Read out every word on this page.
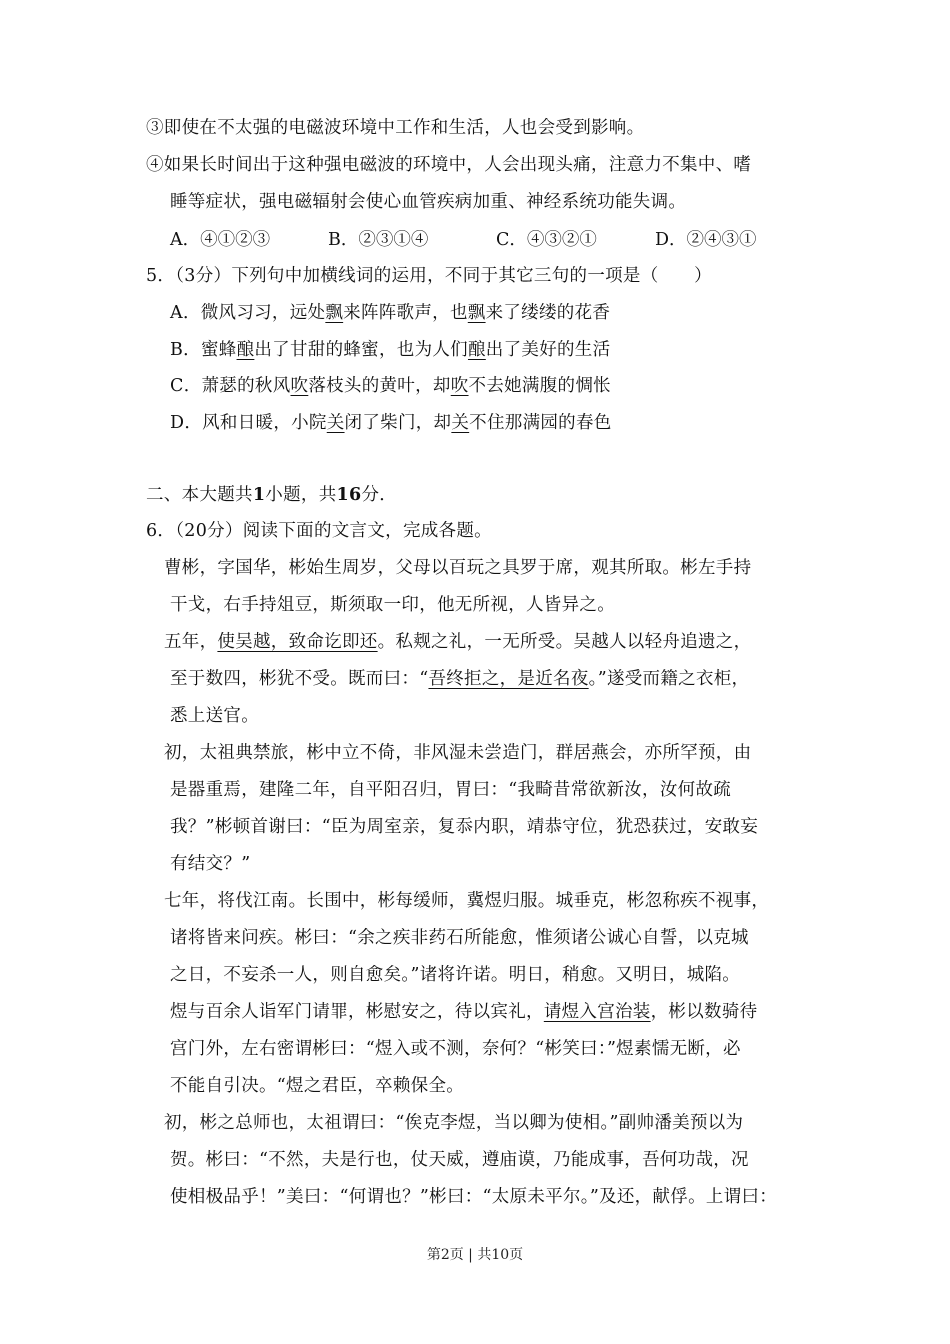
③即使在不太强的电磁波环境中工作和生活，人也会受到影响。
④如果长时间出于这种强电磁波的环境中，人会出现头痛，注意力不集中、嗜
睡等症状，强电磁辐射会使心血管疾病加重、神经系统功能失调。
A．④①②③	B．②③①④	C．④③②①	D．②④③①
5．（3分）下列句中加横线词的运用，不同于其它三句的一项是（　　）
A．微风习习，远处飘来阵阵歌声，也飘来了缕缕的花香
B．蜜蜂酿出了甘甜的蜂蜜，也为人们酿出了美好的生活
C．萧瑟的秋风吹落枝头的黄叶，却吹不去她满腹的惆怅
D．风和日暖，小院关闭了柴门，却关不住那满园的春色
二、本大题共1小题，共16分．
6．（20分）阅读下面的文言文，完成各题。
曹彬，字国华，彬始生周岁，父母以百玩之具罗于席，观其所取。彬左手持
干戈，右手持俎豆，斯须取一印，他无所视，人皆异之。
五年，使吴越，致命讫即还。私觌之礼，一无所受。吴越人以轻舟追遗之，
至于数四，彬犹不受。既而曰：“吾终拒之，是近名夜。”遂受而籍之衣柜，
悉上送官。
初，太祖典禁旅，彬中立不倚，非风湿未尝造门，群居燕会，亦所罕预，由
是器重焉，建隆二年，自平阳召归，胃曰：“我畸昔常欲新汝，汝何故疏
我？”彬顿首谢曰：“臣为周室亲，复忝内职，靖恭守位，犹恐获过，安敢妄
有结交？”
七年，将伐江南。长围中，彬每缓师，冀煜归服。城垂克，彬忽称疾不视事，
诸将皆来问疾。彬曰：“余之疾非药石所能愈，惟须诸公诚心自誓，以克城
之日，不妄杀一人，则自愈矣。”诸将许诺。明日，稍愈。又明日，城陷。
煜与百余人诣军门请罪，彬慰安之，待以宾礼，请煜入宫治装，彬以数骑待
宫门外，左右密谓彬曰：“煜入或不测，奈何？“彬笑曰：”煜素懦无断，必
不能自引决。“煜之君臣，卒赖保全。
初，彬之总师也，太祖谓曰：“俟克李煜，当以卿为使相。”副帅潘美预以为
贺。彬曰：“不然，夫是行也，仗天威，遵庙谟，乃能成事，吾何功哉，况
使相极品乎！”美曰：“何谓也？”彬曰：“太原未平尔。”及还，献俘。上谓曰：
第2页 | 共10页
